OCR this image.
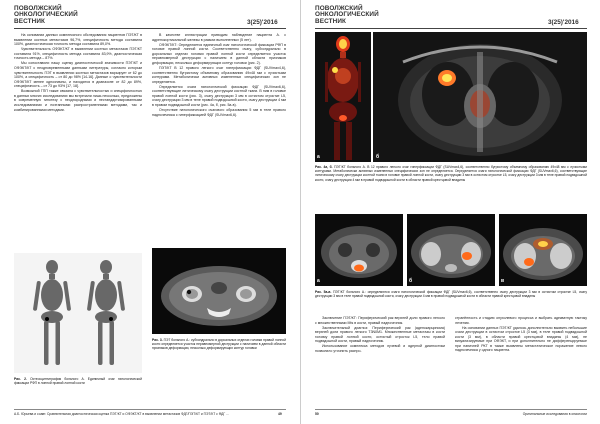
ПОВОЛЖСКИЙ
ОНКОЛОГИЧЕСКИЙ
ВЕСТНИК	3(25)'2016

На основании данных комплексного обследования пациентов ПЭТ/КТ в выявлении костных метастазов 96,7%, специфичность метода составила 100%, диагностическая точность метода составила 89,0%.

Чувствительность ОФЭКТ/КТ в выявлении костных метастазов ПЭТ/КТ составила 91%, специфичность метода составила 83,9%, диагностическая точность метода – 87%.

Мы сопоставили нашу оценку диагностической значимости ПЭТ/КТ и ОФЭКТ/КТ с неодновременными данными литературы, согласно которым чувствительность ПЭТ в выявлении костных метастазов варьирует от 62 до 100%, а специфичность – от 80 до 98% [14-16]. Данные о чувствительности ОФЭКТ/КТ менее однозначны, и находятся в диапазоне от 82 до 89%, специфичность – от 73 до 93% [17, 18].

Возможной ГПП также связана с чувствительностью и специфичностью в данных многих исследованиях мы встречали лишь несколько, предложены в современную гипотезу с неоднородными и нестандартизированными исследованиями и поэтапными распространенными методами, так и комбинированными методами.

Рис. 2. Остеосцинтиграфия больного А. Единичный очаг патологической фиксации РФП в лонной правой лонной кости

В качестве иллюстрации приводим наблюдение пациента А. с адренокортикальной железы в рамках выполненных (5 лет).

ОФЭКТ/КТ: Определяется единичный очаг патологической фиксации РФП в головке правой лонной кости. Соответственно очагу, субхондрально в дорсальных отделах головки правой лонной кости определяется участок неравномерной деструкции с наличием в данной области признаков деформации, несколько деформирующих контур головки (рис. 2).

ПЭТ/КТ В 12 правого легкого очаг гиперфиксации ФДГ (SUVmax4,6), соответственно бугристому объемному образованию 49х48 мм с лучистыми контурами. Метаболически активных измененных специфических зон не определяется.

Определяется очаги патологической фиксации ФДГ (SUVmax6,6), соответствующие литическому очагу деструкции костной ткани. В ним в головке правой лонной кости (рис. 3), очагу деструкции 3 мм в остистом отростке L5, очагу деструкции 3 мм в теле правой подвздошной кости, очагу деструкции 4 мм в правом подвздошной кости (рис. 4а, б, рис. 5а-в).

Отсутствие патологического очагового образования 5 мм в теле правого надпочечника с гиперфиксацией ФДГ (SUVmax6,6).

Рис. 3. ПЭТ больного А.: субхондрально в дорсальных отделах головки правой лонной кости определяется участок неравномерной деструкции с наличием в данной области признаков деформации, несколько деформирующих контур головки
А.Б. Юрьева и соавт. Сравнительная диагностическая оценка ПЭТ/КТ и ОФЭКТ/КТ в выявлении метастазов ФДГ/ПЭТ/КТ и ПЭТ/КТ с ФДГ ...	49
ПОВОЛЖСКИЙ
ОНКОЛОГИЧЕСКИЙ
ВЕСТНИК	3(25)'2016
a	б
Рис. 4а, б. ПЭТ/КТ больного А. В 12 правого легкого очаг гиперфиксации ФДГ (SUVmax4,6), соответственно бугристому объемному образованию 49х48 мм с лучистыми контурами. Метаболически активных измененных специфических зон не определяется. Определяется очаги патологической фиксации ФДГ (SUVmax6,6), соответствующие литическому очагу деструкции костной ткани в головке правой лонной кости, очагу деструкции 3 мм в остистом отростке L5, очагу деструкции 3 мм в теле правой подвздошной кости, очагу деструкции 4 мм в правой подвздошной кости в области правой крестцовой впадины
а	б	в
Рис. 5а-в. ПЭТ/КТ больного А.: определяются очаги патологической фиксации ФДГ (SUVmax6,6), соответственно очагу деструкции 3 мм в остистом отростке L5, очагу деструкции 3 мм в теле правой подвздошной кости, очагу деструкции 4 мм в правой подвздошной кости в области правой крестцовой впадины

Заключение ПЭТ/КТ: Периферический рак верхней доли правого легкого с множественными Mts в кости, правый надпочечник.

Заключительный диагноз: Периферический рак (аденокарцинома) верхней доли правого легкого T3N0M1. Множественные метастазы в кости головку правой лонной кости, остистый отросток L5, тело правой подвздошной кости, правый надпочечник.

Использование комплекса методов лучевой и ядерной диагностики позволило уточнить распро-

странённость и стадию опухолевого процесса и выбрать адекватную тактику лечения.

На основании данных ПЭТ/КТ удалось дополнительно выявить небольшие очаги деструкции в остистом отростке L5 (3 мм), в теле правой подвздошной кости (3 мм), в области правой крестцовой впадины (4 мм), не визуализируемые при ОФЭКТ, и при дополнительно не дифференцируемые при напичней РКТ в также выявлены метастатическое поражение левого надпочечника у одного пациента.

50	Оригинальные исследования в онкологии
